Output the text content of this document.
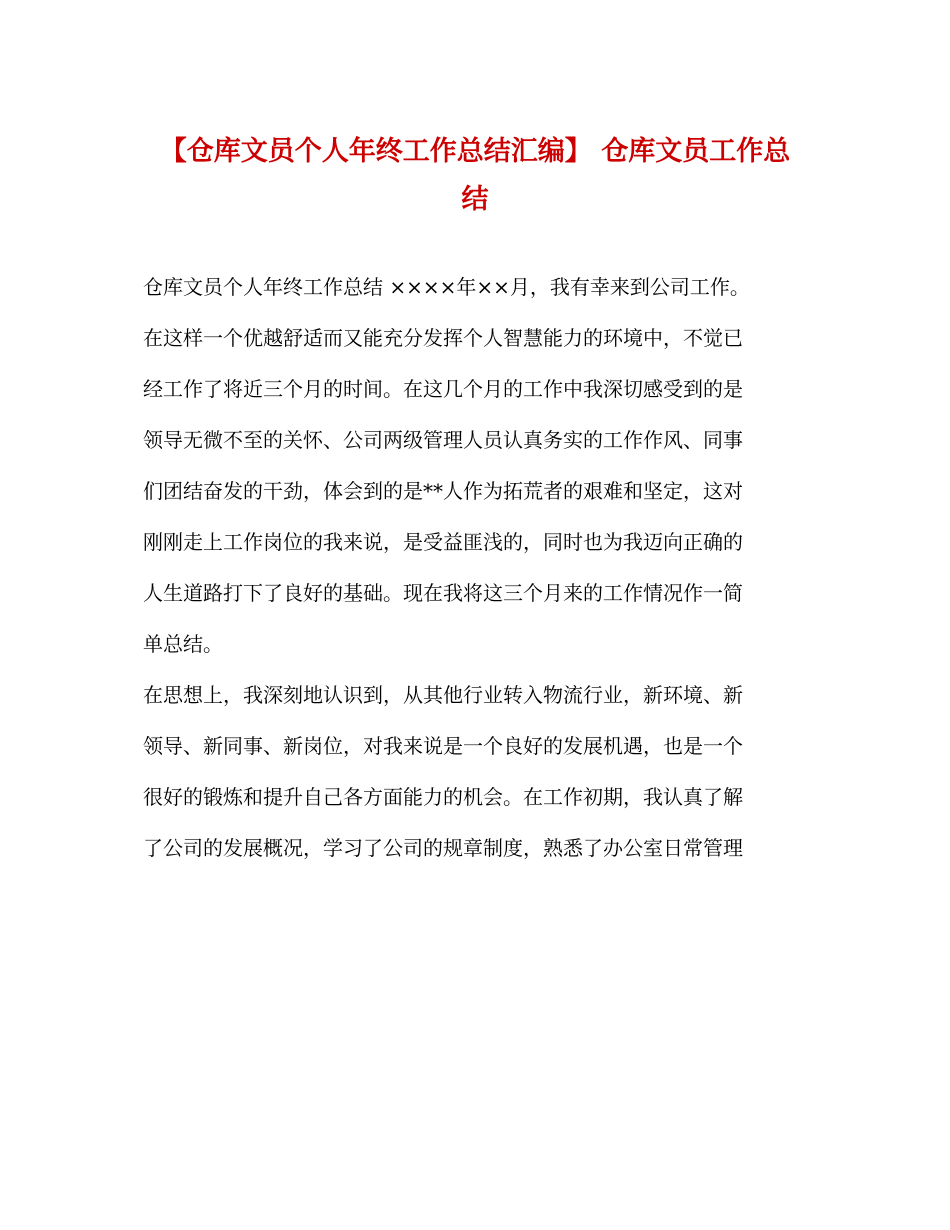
【仓库文员个人年终工作总结汇编】 仓库文员工作总
结

仓库文员个人年终工作总结 ××××年××月，我有幸来到公司工作。
在这样一个优越舒适而又能充分发挥个人智慧能力的环境中，不觉已
经工作了将近三个月的时间。在这几个月的工作中我深切感受到的是
领导无微不至的关怀、公司两级管理人员认真务实的工作作风、同事
们团结奋发的干劲，体会到的是**人作为拓荒者的艰难和坚定，这对
刚刚走上工作岗位的我来说，是受益匪浅的，同时也为我迈向正确的
人生道路打下了良好的基础。现在我将这三个月来的工作情况作一简
单总结。

在思想上，我深刻地认识到，从其他行业转入物流行业，新环境、新
领导、新同事、新岗位，对我来说是一个良好的发展机遇，也是一个
很好的锻炼和提升自己各方面能力的机会。在工作初期，我认真了解
了公司的发展概况，学习了公司的规章制度，熟悉了办公室日常管理
